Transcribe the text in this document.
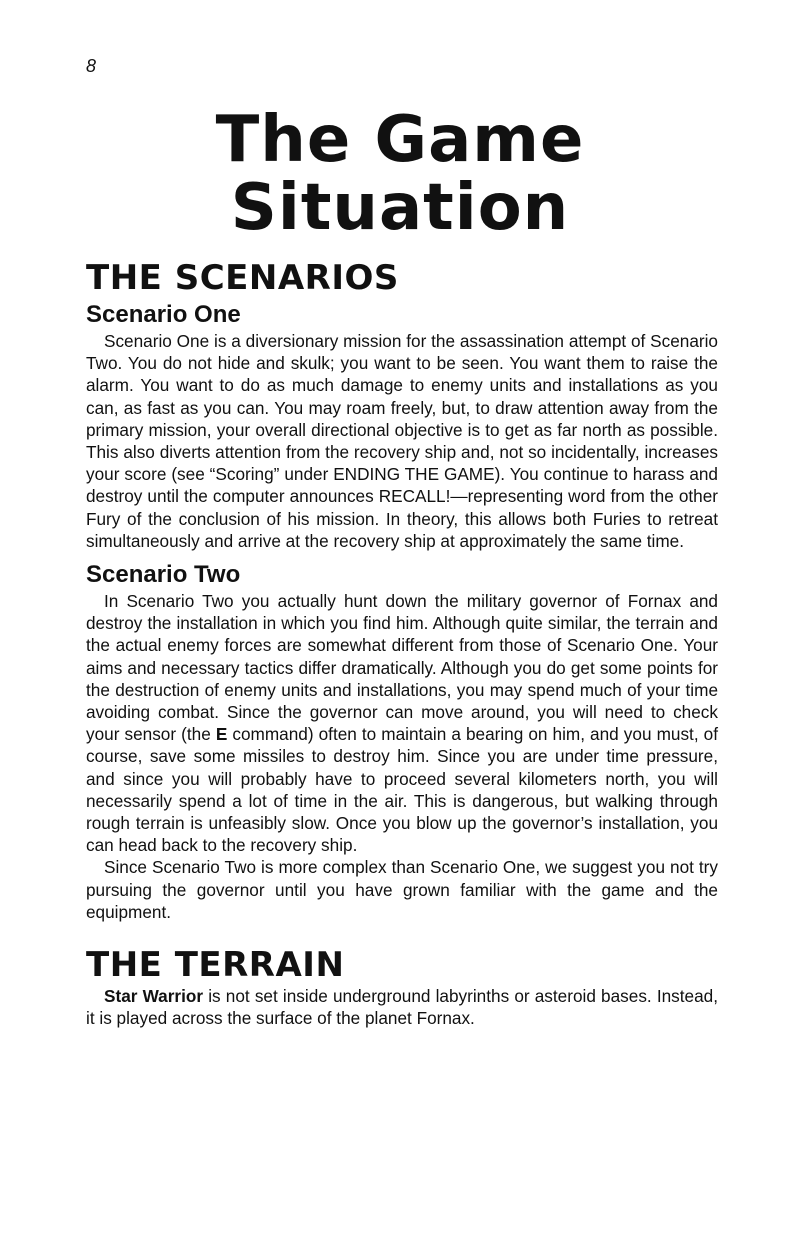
8
The Game
Situation
THE SCENARIOS
Scenario One

Scenario One is a diversionary mission for the assassination attempt of Scenario Two. You do not hide and skulk; you want to be seen. You want them to raise the alarm. You want to do as much damage to enemy units and installations as you can, as fast as you can. You may roam freely, but, to draw attention away from the primary mission, your overall directional objective is to get as far north as possible. This also diverts attention from the recovery ship and, not so incidentally, increases your score (see “Scoring” under ENDING THE GAME). You continue to harass and destroy until the computer announces RECALL!—representing word from the other Fury of the conclusion of his mission. In theory, this allows both Furies to retreat simultaneously and arrive at the recovery ship at approximately the same time.

Scenario Two

In Scenario Two you actually hunt down the military governor of Fornax and destroy the installation in which you find him. Although quite similar, the terrain and the actual enemy forces are somewhat different from those of Scenario One. Your aims and necessary tactics differ dramatically. Although you do get some points for the destruction of enemy units and installations, you may spend much of your time avoiding combat. Since the governor can move around, you will need to check your sensor (the E command) often to maintain a bearing on him, and you must, of course, save some missiles to destroy him. Since you are under time pressure, and since you will probably have to proceed several kilometers north, you will necessarily spend a lot of time in the air. This is dangerous, but walking through rough terrain is unfeasibly slow. Once you blow up the governor’s installation, you can head back to the recovery ship.

Since Scenario Two is more complex than Scenario One, we suggest you not try pursuing the governor until you have grown familiar with the game and the equipment.

THE TERRAIN

Star Warrior is not set inside underground labyrinths or asteroid bases. Instead, it is played across the surface of the planet Fornax.
